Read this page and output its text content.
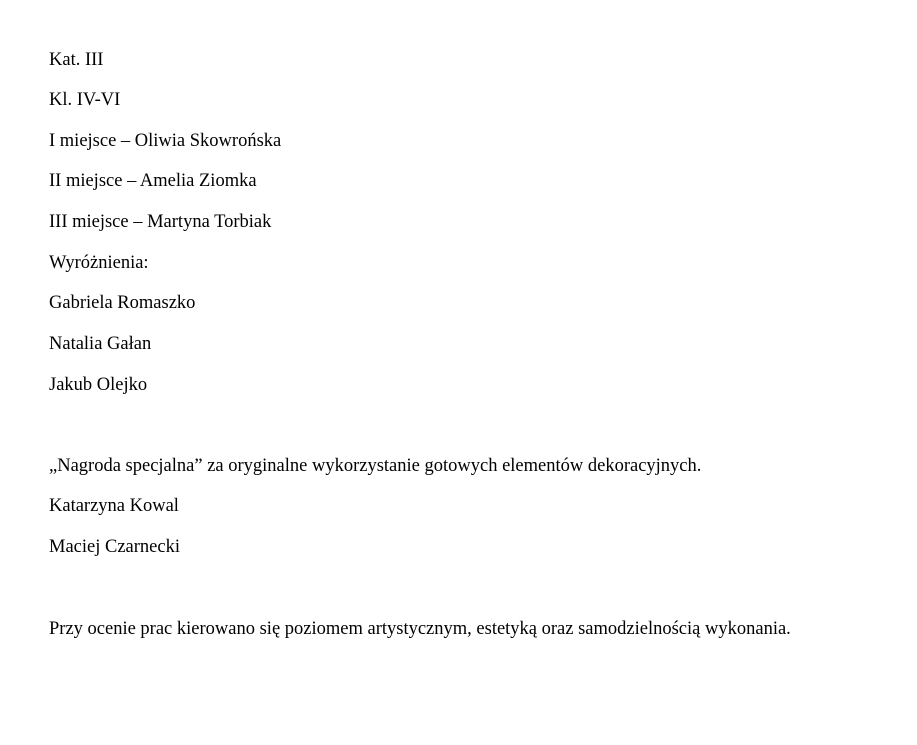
Kat. III
Kl. IV-VI
I miejsce – Oliwia Skowrońska
II miejsce – Amelia Ziomka
III miejsce – Martyna Torbiak
Wyróżnienia:
Gabriela Romaszko
Natalia Gałan
Jakub Olejko
„Nagroda specjalna” za oryginalne wykorzystanie gotowych elementów dekoracyjnych.
Katarzyna Kowal
Maciej Czarnecki
Przy ocenie prac kierowano się poziomem artystycznym, estetyką oraz samodzielnością wykonania.
